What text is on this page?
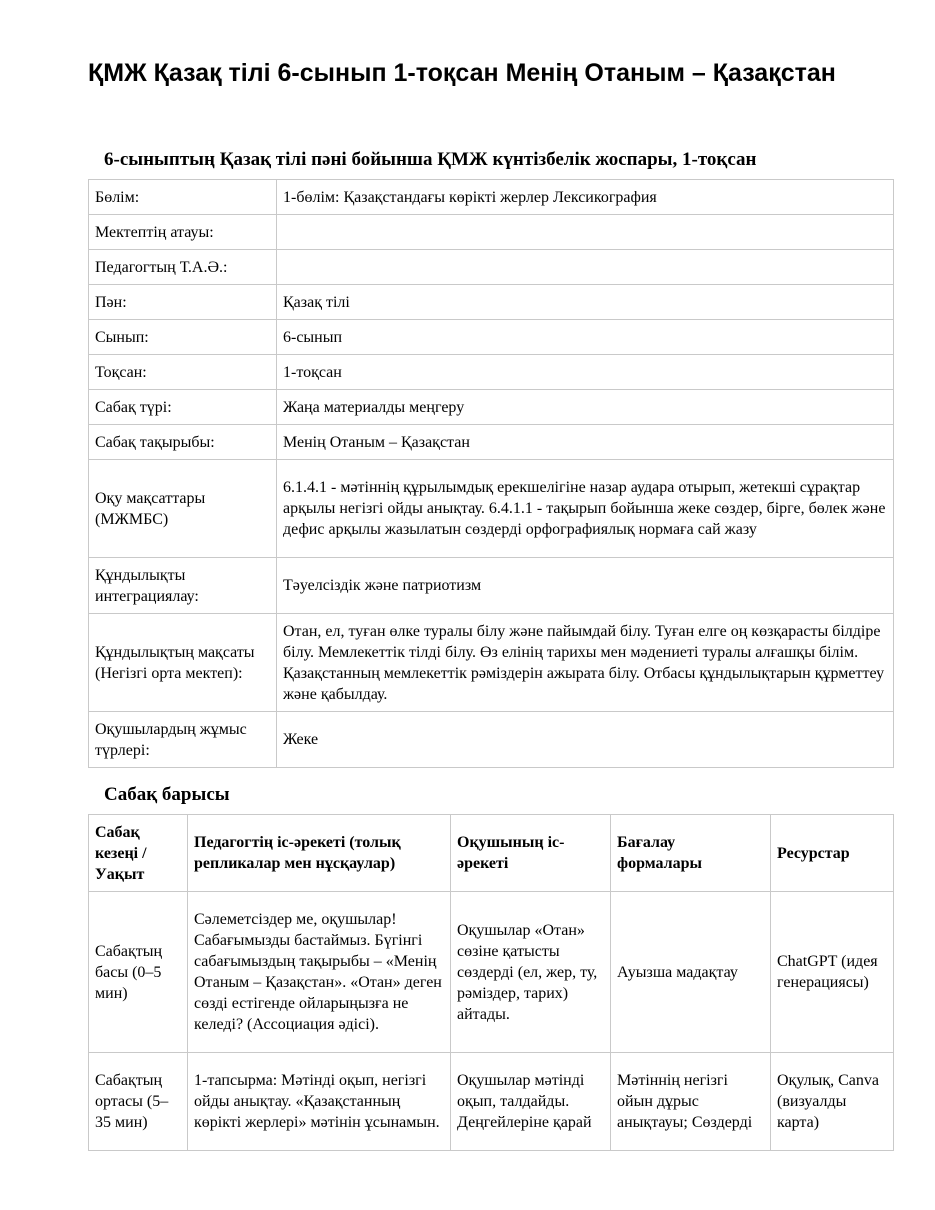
ҚМЖ Қазақ тілі 6-сынып 1-тоқсан Менің Отаным – Қазақстан

6-сыныптың Қазақ тілі пәні бойынша ҚМЖ күнтізбелік жоспары, 1-тоқсан

Бөлім:	1-бөлім: Қазақстандағы көрікті жерлер Лексикография
Мектептің атауы:	
Педагогтың Т.А.Ә.:	
Пән:	Қазақ тілі
Сынып:	6-сынып
Тоқсан:	1-тоқсан
Сабақ түрі:	Жаңа материалды меңгеру
Сабақ тақырыбы:	Менің Отаным – Қазақстан
Оқу мақсаттары (МЖМБС)	6.1.4.1 - мәтіннің құрылымдық ерекшелігіне назар аудара отырып, жетекші сұрақтар арқылы негізгі ойды анықтау. 6.4.1.1 - тақырып бойынша жеке сөздер, бірге, бөлек және дефис арқылы жазылатын сөздерді орфографиялық нормаға сай жазу
Құндылықты интеграциялау:	Тәуелсіздік және патриотизм
Құндылықтың мақсаты (Негізгі орта мектеп):	Отан, ел, туған өлке туралы білу және пайымдай білу. Туған елге оң көзқарасты білдіре білу. Мемлекеттік тілді білу. Өз елінің тарихы мен мәдениеті туралы алғашқы білім. Қазақстанның мемлекеттік рәміздерін ажырата білу. Отбасы құндылықтарын құрметтеу және қабылдау.
Оқушылардың жұмыс түрлері:	Жеке

Сабақ барысы

Сабақ кезеңі / Уақыт	Педагогтің іс-әрекеті (толық репликалар мен нұсқаулар)	Оқушының іс-әрекеті	Бағалау формалары	Ресурстар
Сабақтың басы (0–5 мин)	Сәлеметсіздер ме, оқушылар! Сабағымызды бастаймыз. Бүгінгі сабағымыздың тақырыбы – «Менің Отаным – Қазақстан». «Отан» деген сөзді естігенде ойларыңызға не келеді? (Ассоциация әдісі).	Оқушылар «Отан» сөзіне қатысты сөздерді (ел, жер, ту, рәміздер, тарих) айтады.	Ауызша мадақтау	ChatGPT (идея генерациясы)
Сабақтың ортасы (5–35 мин)	1-тапсырма: Мәтінді оқып, негізгі ойды анықтау. «Қазақстанның көрікті жерлері» мәтінін ұсынамын.	Оқушылар мәтінді оқып, талдайды. Деңгейлеріне қарай	Мәтіннің негізгі ойын дұрыс анықтауы; Сөздерді	Оқулық, Canva (визуалды карта)
